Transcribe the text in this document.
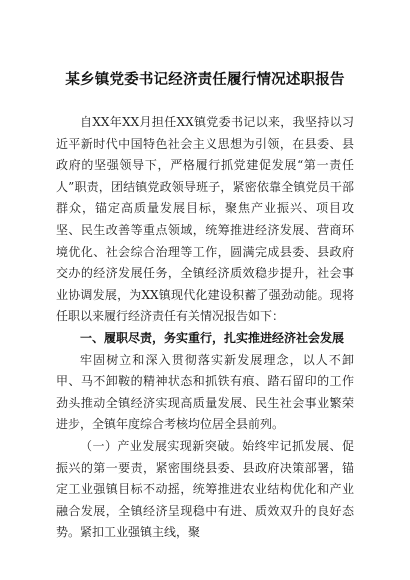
某乡镇党委书记经济责任履行情况述职报告

自XX年XX月担任XX镇党委书记以来，我坚持以习近平新时代中国特色社会主义思想为引领，在县委、县政府的坚强领导下，严格履行抓党建促发展“第一责任人”职责，团结镇党政领导班子，紧密依靠全镇党员干部群众，锚定高质量发展目标，聚焦产业振兴、项目攻坚、民生改善等重点领域，统筹推进经济发展、营商环境优化、社会综合治理等工作，圆满完成县委、县政府交办的经济发展任务，全镇经济质效稳步提升，社会事业协调发展，为XX镇现代化建设积蓄了强劲动能。现将任职以来履行经济责任有关情况报告如下：

一、履职尽责，务实重行，扎实推进经济社会发展

牢固树立和深入贯彻落实新发展理念，以人不卸甲、马不卸鞍的精神状态和抓铁有痕、踏石留印的工作劲头推动全镇经济实现高质量发展、民生社会事业繁荣进步，全镇年度综合考核均位居全县前列。

（一）产业发展实现新突破。始终牢记抓发展、促振兴的第一要责，紧密围绕县委、县政府决策部署，锚定工业强镇目标不动摇，统筹推进农业结构优化和产业融合发展，全镇经济呈现稳中有进、质效双升的良好态势。紧扣工业强镇主线，聚
